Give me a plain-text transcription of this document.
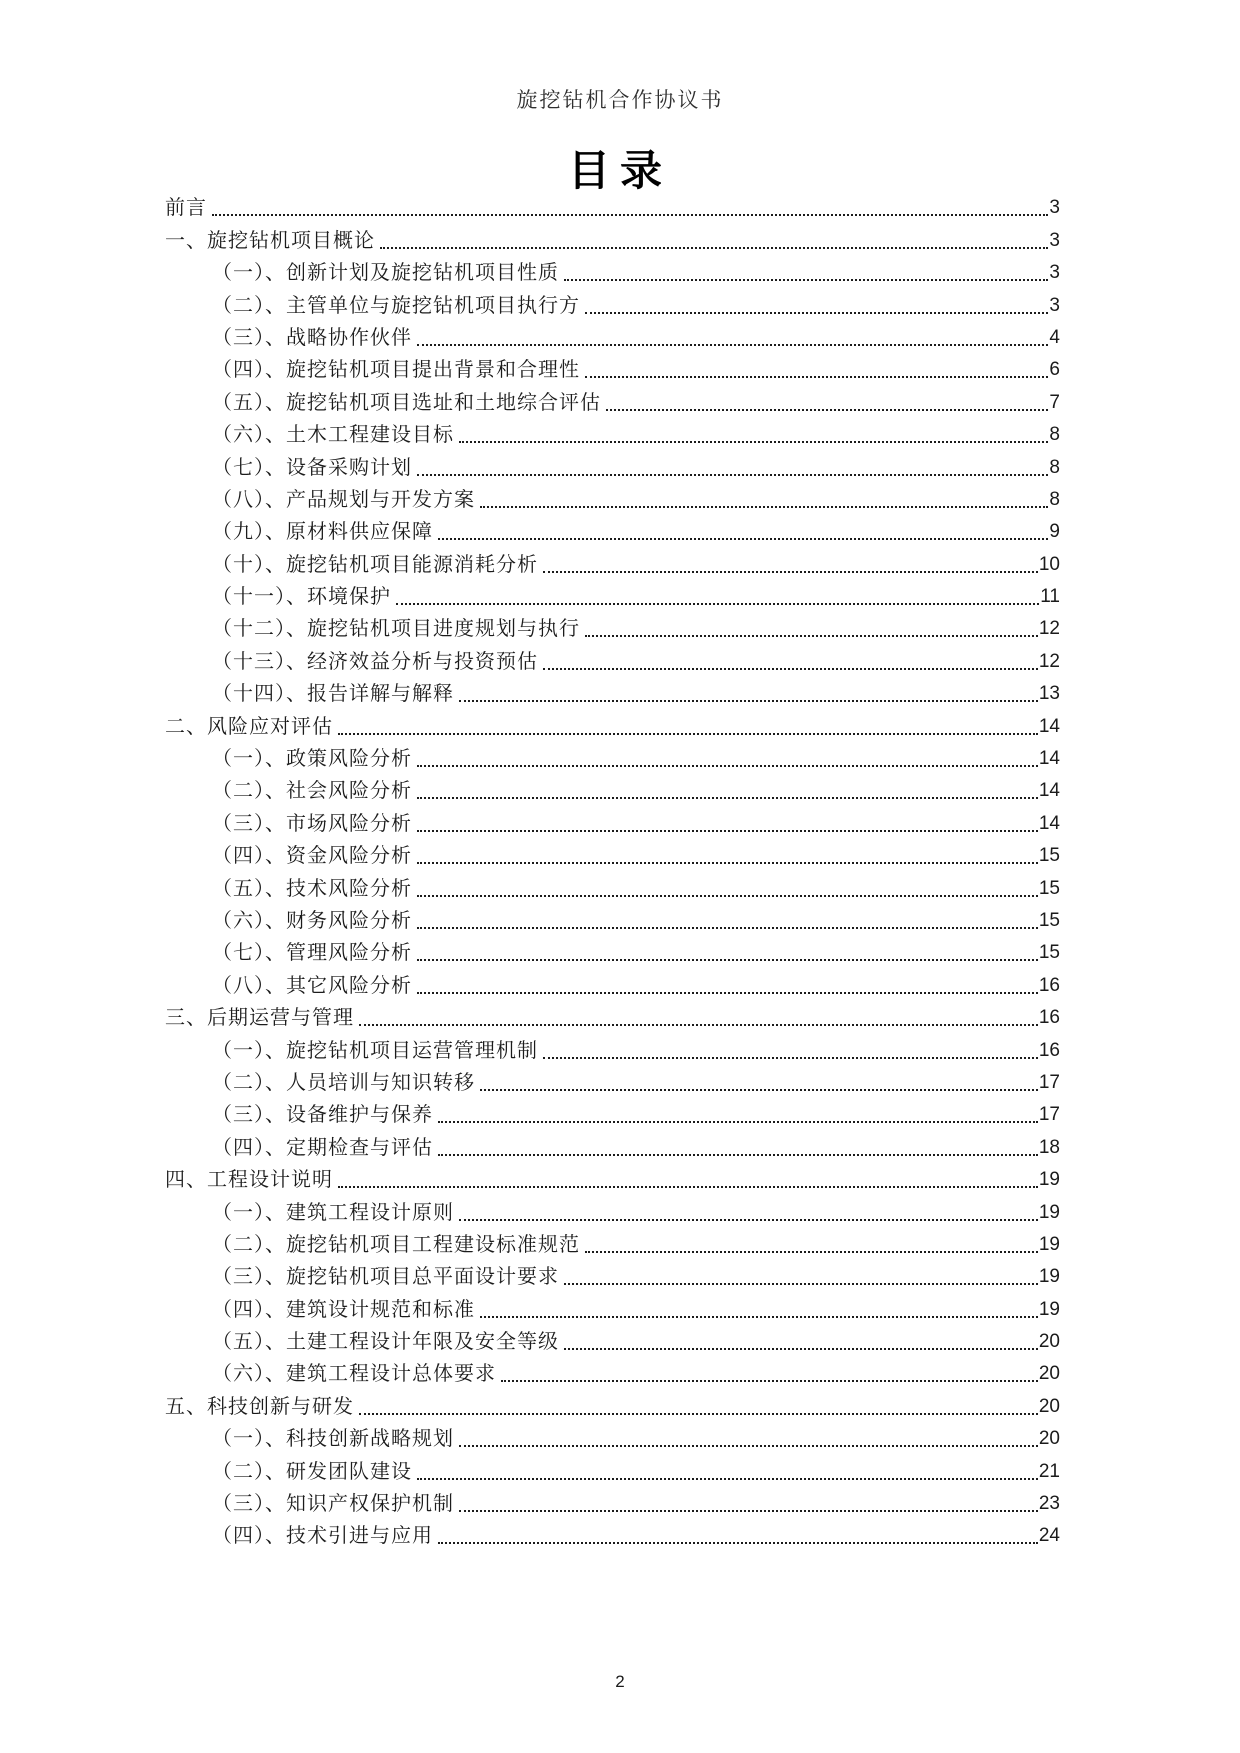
旋挖钻机合作协议书
目录
前言	3
一、旋挖钻机项目概论	3
（一）、创新计划及旋挖钻机项目性质	3
（二）、主管单位与旋挖钻机项目执行方	3
（三）、战略协作伙伴	4
（四）、旋挖钻机项目提出背景和合理性	6
（五）、旋挖钻机项目选址和土地综合评估	7
（六）、土木工程建设目标	8
（七）、设备采购计划	8
（八）、产品规划与开发方案	8
（九）、原材料供应保障	9
（十）、旋挖钻机项目能源消耗分析	10
（十一）、环境保护	11
（十二）、旋挖钻机项目进度规划与执行	12
（十三）、经济效益分析与投资预估	12
（十四）、报告详解与解释	13
二、风险应对评估	14
（一）、政策风险分析	14
（二）、社会风险分析	14
（三）、市场风险分析	14
（四）、资金风险分析	15
（五）、技术风险分析	15
（六）、财务风险分析	15
（七）、管理风险分析	15
（八）、其它风险分析	16
三、后期运营与管理	16
（一）、旋挖钻机项目运营管理机制	16
（二）、人员培训与知识转移	17
（三）、设备维护与保养	17
（四）、定期检查与评估	18
四、工程设计说明	19
（一）、建筑工程设计原则	19
（二）、旋挖钻机项目工程建设标准规范	19
（三）、旋挖钻机项目总平面设计要求	19
（四）、建筑设计规范和标准	19
（五）、土建工程设计年限及安全等级	20
（六）、建筑工程设计总体要求	20
五、科技创新与研发	20
（一）、科技创新战略规划	20
（二）、研发团队建设	21
（三）、知识产权保护机制	23
（四）、技术引进与应用	24
2
